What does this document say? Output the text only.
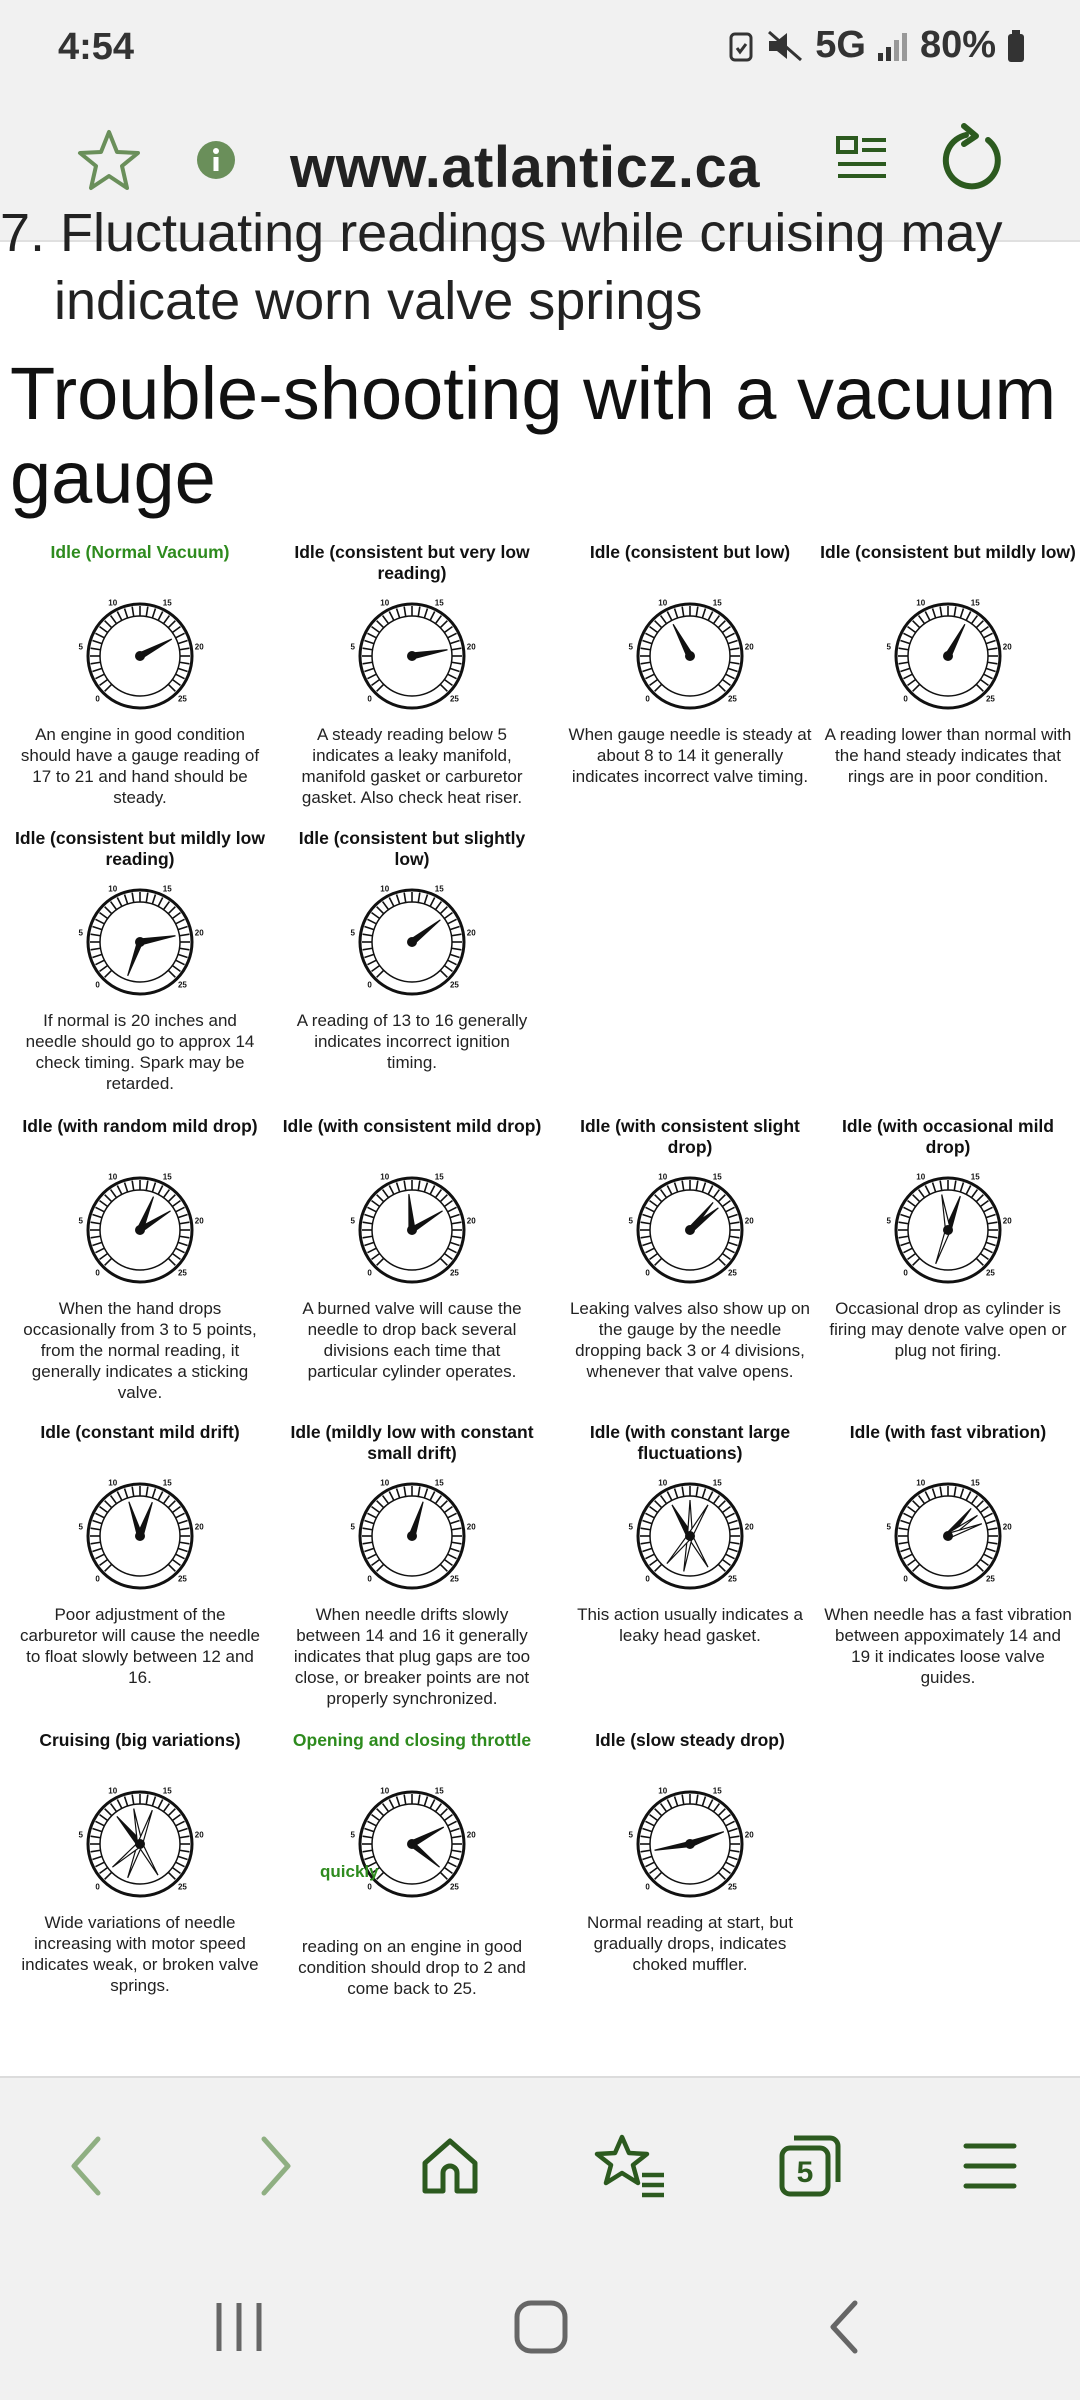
4:54	5G 80%
www.atlanticz.ca
7. Fluctuating readings while cruising may
indicate worn valve springs
Trouble-shooting with a vacuum gauge
Idle (Normal Vacuum)
0
5
10	15
20
25
An engine in good condition should have a gauge reading of 17 to 21 and hand should be steady.
Idle (consistent but very low reading)
0
5
10	15
20
25
A steady reading below 5 indicates a leaky manifold, manifold gasket or carburetor gasket. Also check heat riser.
Idle (consistent but low)
0
5
10	15
20
25
When gauge needle is steady at about 8 to 14 it generally indicates incorrect valve timing.
Idle (consistent but mildly low)
0
5
10	15
20
25
A reading lower than normal with the hand steady indicates that rings are in poor condition.
Idle (consistent but mildly low reading)
0
5
10	15
20
25
If normal is 20 inches and needle should go to approx 14 check timing. Spark may be retarded.
Idle (consistent but slightly low)
0
5
10	15
20
25
A reading of 13 to 16 generally indicates incorrect ignition timing.
Idle (with random mild drop)
0
5
10	15
20
25
When the hand drops occasionally from 3 to 5 points, from the normal reading, it generally indicates a sticking valve.
Idle (with consistent mild drop)
0
5
10	15
20
25
A burned valve will cause the needle to drop back several divisions each time that particular cylinder operates.
Idle (with consistent slight drop)
0
5
10	15
20
25
Leaking valves also show up on the gauge by the needle dropping back 3 or 4 divisions, whenever that valve opens.
Idle (with occasional mild drop)
0
5
10	15
20
25
Occasional drop as cylinder is firing may denote valve open or plug not firing.
Idle (constant mild drift)
0
5
10	15
20
25
Poor adjustment of the carburetor will cause the needle to float slowly between 12 and 16.
Idle (mildly low with constant small drift)
0
5
10	15
20
25
When needle drifts slowly between 14 and 16 it generally indicates that plug gaps are too close, or breaker points are not properly synchronized.
Idle (with constant large fluctuations)
0
5
10	15
20
25
This action usually indicates a leaky head gasket.
Idle (with fast vibration)
0
5
10	15
20
25
When needle has a fast vibration between appoximately 14 and 19 it indicates loose valve guides.
Cruising (big variations)
0
5
10	15
20
25
Wide variations of needle increasing with motor speed indicates weak, or broken valve springs.
Opening and closing throttle
0
5
10	15
20
25
reading on an engine in good condition should drop to 2 and come back to 25.
Idle (slow steady drop)
0
5
10	15
20
25
Normal reading at start, but gradually drops, indicates choked muffler.
quickly
5
